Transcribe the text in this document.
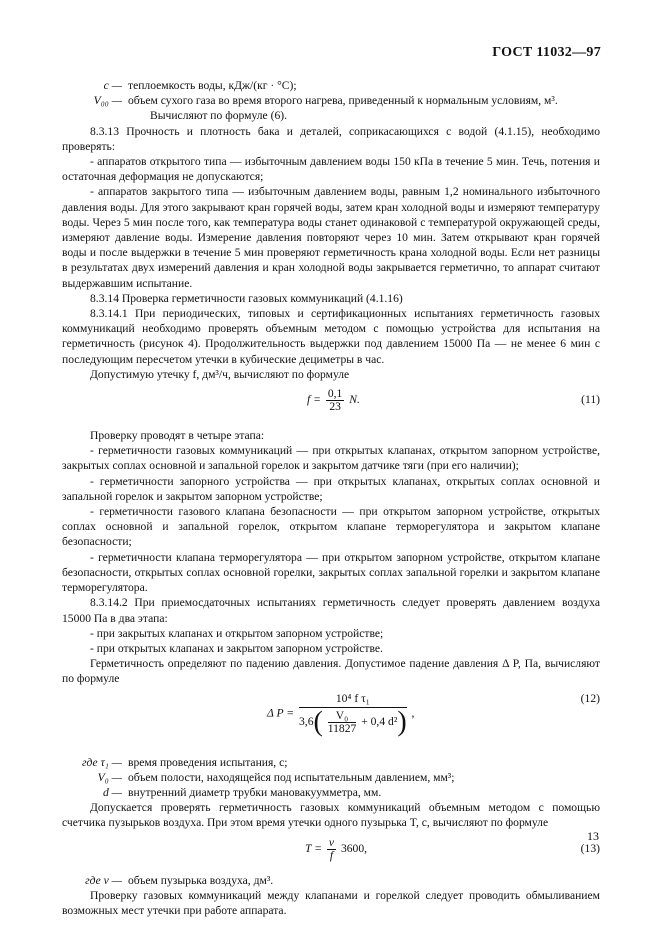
ГОСТ 11032—97
c — теплоемкость воды, кДж/(кг · °С);
V₀₀ — объем сухого газа во время второго нагрева, приведенный к нормальным условиям, м³.

Вычисляют по формуле (6).

8.3.13 Прочность и плотность бака и деталей, соприкасающихся с водой (4.1.15), необходимо проверять:

- аппаратов открытого типа — избыточным давлением воды 150 кПа в течение 5 мин. Течь, потения и остаточная деформация не допускаются;

- аппаратов закрытого типа — избыточным давлением воды, равным 1,2 номинального избыточного давления воды. Для этого закрывают кран горячей воды, затем кран холодной воды и измеряют температуру воды. Через 5 мин после того, как температура воды станет одинаковой с температурой окружающей среды, измеряют давление воды. Измерение давления повторяют через 10 мин. Затем открывают кран горячей воды и после выдержки в течение 5 мин проверяют герметичность крана холодной воды. Если нет разницы в результатах двух измерений давления и кран холодной воды закрывается герметично, то аппарат считают выдержавшим испытание.

8.3.14 Проверка герметичности газовых коммуникаций (4.1.16)

8.3.14.1 При периодических, типовых и сертификационных испытаниях герметичность газовых коммуникаций необходимо проверять объемным методом с помощью устройства для испытания на герметичность (рисунок 4). Продолжительность выдержки под давлением 15000 Па — не менее 6 мин с последующим пересчетом утечки в кубические дециметры в час.

Допустимую утечку f, дм³/ч, вычисляют по формуле

$f = \frac{0,1}{23} N$.	(11)

Проверку проводят в четыре этапа:

- герметичности газовых коммуникаций — при открытых клапанах, открытом запорном устройстве, закрытых соплах основной и запальной горелок и закрытом датчике тяги (при его наличии);

- герметичности запорного устройства — при открытых клапанах, открытых соплах основной и запальной горелок и закрытом запорном устройстве;

- герметичности газового клапана безопасности — при открытом запорном устройстве, открытых соплах основной и запальной горелок, открытом клапане терморегулятора и закрытом клапане безопасности;

- герметичности клапана терморегулятора — при открытом запорном устройстве, открытом клапане безопасности, открытых соплах основной горелки, закрытых соплах запальной горелки и закрытом клапане терморегулятора.

8.3.14.2 При приемосдаточных испытаниях герметичность следует проверять давлением воздуха 15000 Па в два этапа:

- при закрытых клапанах и открытом запорном устройстве;

- при открытых клапанах и закрытом запорном устройстве.

Герметичность определяют по падению давления. Допустимое падение давления Δ P, Па, вычисляют по формуле

Δ P =
10⁴ f τ₁
$3,6( \frac{\text{V₀}}{11827} + 0,4$ d²) ,
(12)
где τ₁ — время проведения испытания, с;
V₀ — объем полости, находящейся под испытательным давлением, мм³;
d — внутренний диаметр трубки мановакуумметра, мм.

Допускается проверять герметичность газовых коммуникаций объемным методом с помощью счетчика пузырьков воздуха. При этом время утечки одного пузырька T, с, вычисляют по формуле

$T = \frac{v}{f} 3600$,	(13)
где v — объем пузырька воздуха, дм³.

Проверку газовых коммуникаций между клапанами и горелкой следует проводить обмыливанием возможных мест утечки при работе аппарата.

13
